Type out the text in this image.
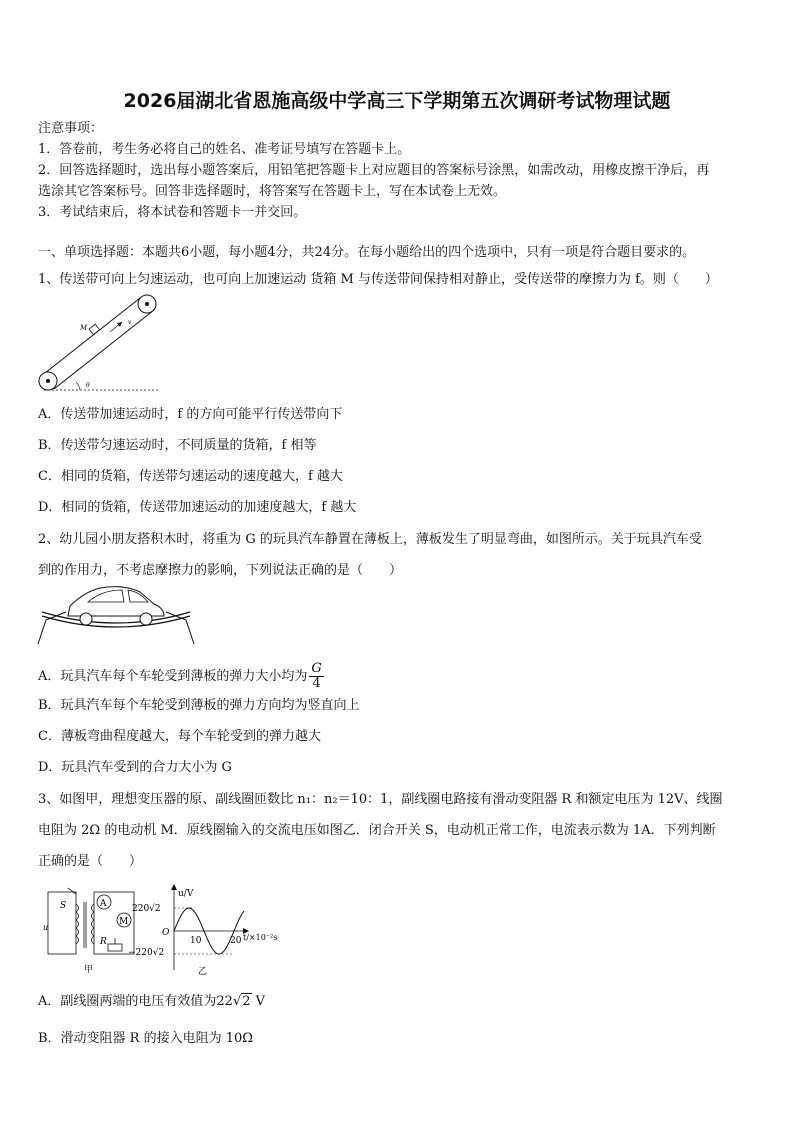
2026届湖北省恩施高级中学高三下学期第五次调研考试物理试题
注意事项：
1．答卷前，考生务必将自己的姓名、准考证号填写在答题卡上。
2．回答选择题时，选出每小题答案后，用铅笔把答题卡上对应题目的答案标号涂黑，如需改动，用橡皮擦干净后，再
选涂其它答案标号。回答非选择题时，将答案写在答题卡上，写在本试卷上无效。
3．考试结束后，将本试卷和答题卡一并交回。
一、单项选择题：本题共6小题，每小题4分，共24分。在每小题给出的四个选项中，只有一项是符合题目要求的。
1、传送带可向上匀速运动，也可向上加速运动 货箱 M 与传送带间保持相对静止，受传送带的摩擦力为 f。则（　　）
M
v
θ
A．传送带加速运动时，f 的方向可能平行传送带向下
B．传送带匀速运动时，不同质量的货箱，f 相等
C．相同的货箱，传送带匀速运动的速度越大，f 越大
D．相同的货箱，传送带加速运动的加速度越大，f 越大
2、幼儿园小朋友搭积木时，将重为 G 的玩具汽车静置在薄板上，薄板发生了明显弯曲，如图所示。关于玩具汽车受
到的作用力，不考虑摩擦力的影响，下列说法正确的是（　　）
A．玩具汽车每个车轮受到薄板的弹力大小均为 $\frac{G}{4}$
B．玩具汽车每个车轮受到薄板的弹力方向均为竖直向上
C．薄板弯曲程度越大，每个车轮受到的弹力越大
D．玩具汽车受到的合力大小为 G
3、如图甲，理想变压器的原、副线圈匝数比 n₁：n₂＝10：1，副线圈电路接有滑动变阻器 R 和额定电压为 12V、线圈
电阻为 2Ω 的电动机 M．原线圈输入的交流电压如图乙．闭合开关 S，电动机正常工作，电流表示数为 1A．下列判断
正确的是（　　）
S
u
A
M
R
甲
u/V
220√2
−220√2
O
10	20 t/×10⁻²s
乙
A．副线圈两端的电压有效值为22√2 V
B．滑动变阻器 R 的接入电阻为 10Ω
